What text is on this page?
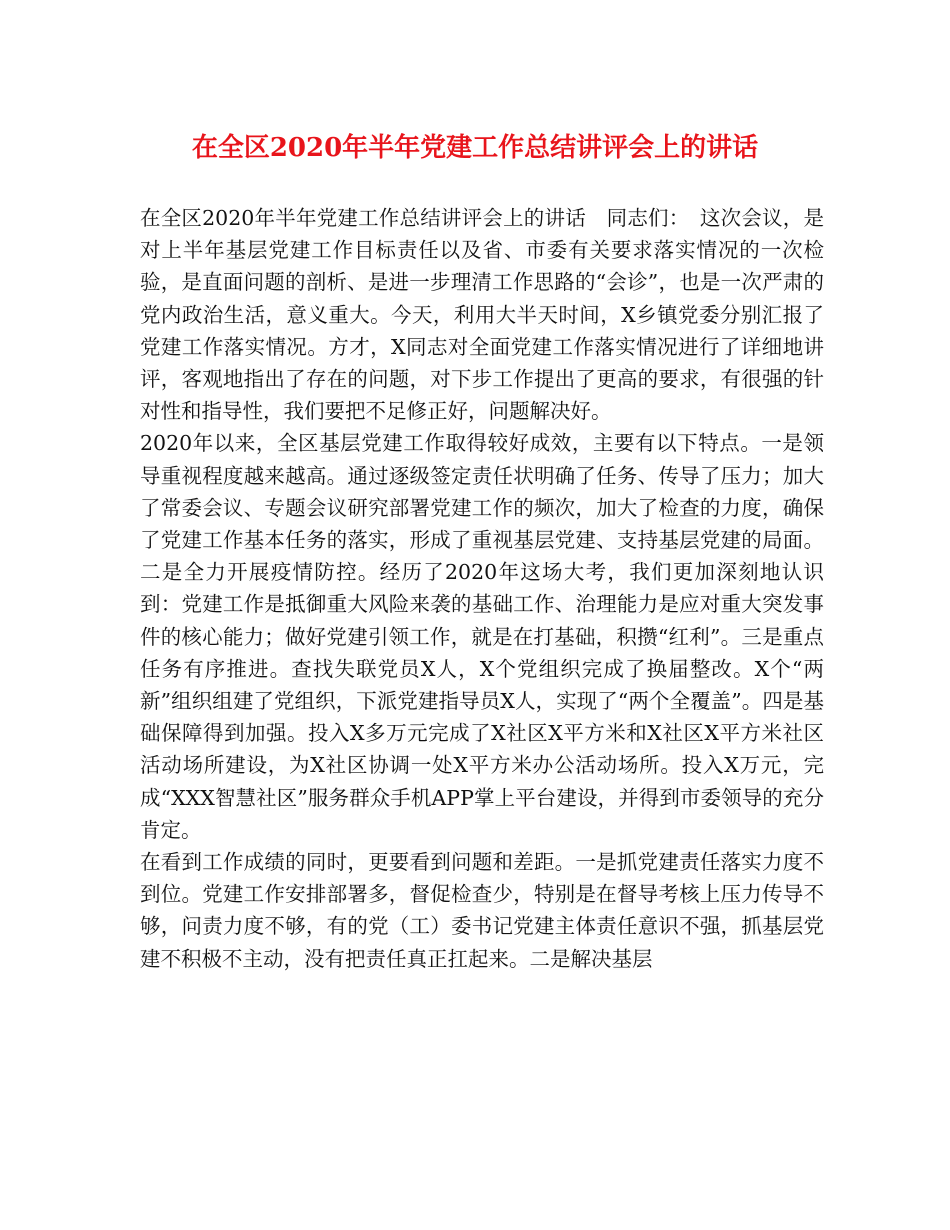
在全区2020年半年党建工作总结讲评会上的讲话

在全区2020年半年党建工作总结讲评会上的讲话　同志们：　这次会议，是对上半年基层党建工作目标责任以及省、市委有关要求落实情况的一次检验，是直面问题的剖析、是进一步理清工作思路的“会诊”，也是一次严肃的党内政治生活，意义重大。今天，利用大半天时间，X乡镇党委分别汇报了党建工作落实情况。方才，X同志对全面党建工作落实情况进行了详细地讲评，客观地指出了存在的问题，对下步工作提出了更高的要求，有很强的针对性和指导性，我们要把不足修正好，问题解决好。

2020年以来，全区基层党建工作取得较好成效，主要有以下特点。一是领导重视程度越来越高。通过逐级签定责任状明确了任务、传导了压力；加大了常委会议、专题会议研究部署党建工作的频次，加大了检查的力度，确保了党建工作基本任务的落实，形成了重视基层党建、支持基层党建的局面。二是全力开展疫情防控。经历了2020年这场大考，我们更加深刻地认识到：党建工作是抵御重大风险来袭的基础工作、治理能力是应对重大突发事件的核心能力；做好党建引领工作，就是在打基础，积攒“红利”。三是重点任务有序推进。查找失联党员X人，X个党组织完成了换届整改。X个“两新”组织组建了党组织，下派党建指导员X人，实现了“两个全覆盖”。四是基础保障得到加强。投入X多万元完成了X社区X平方米和X社区X平方米社区活动场所建设，为X社区协调一处X平方米办公活动场所。投入X万元，完成“XXX智慧社区”服务群众手机APP掌上平台建设，并得到市委领导的充分肯定。

在看到工作成绩的同时，更要看到问题和差距。一是抓党建责任落实力度不到位。党建工作安排部署多，督促检查少，特别是在督导考核上压力传导不够，问责力度不够，有的党（工）委书记党建主体责任意识不强，抓基层党建不积极不主动，没有把责任真正扛起来。二是解决基层
